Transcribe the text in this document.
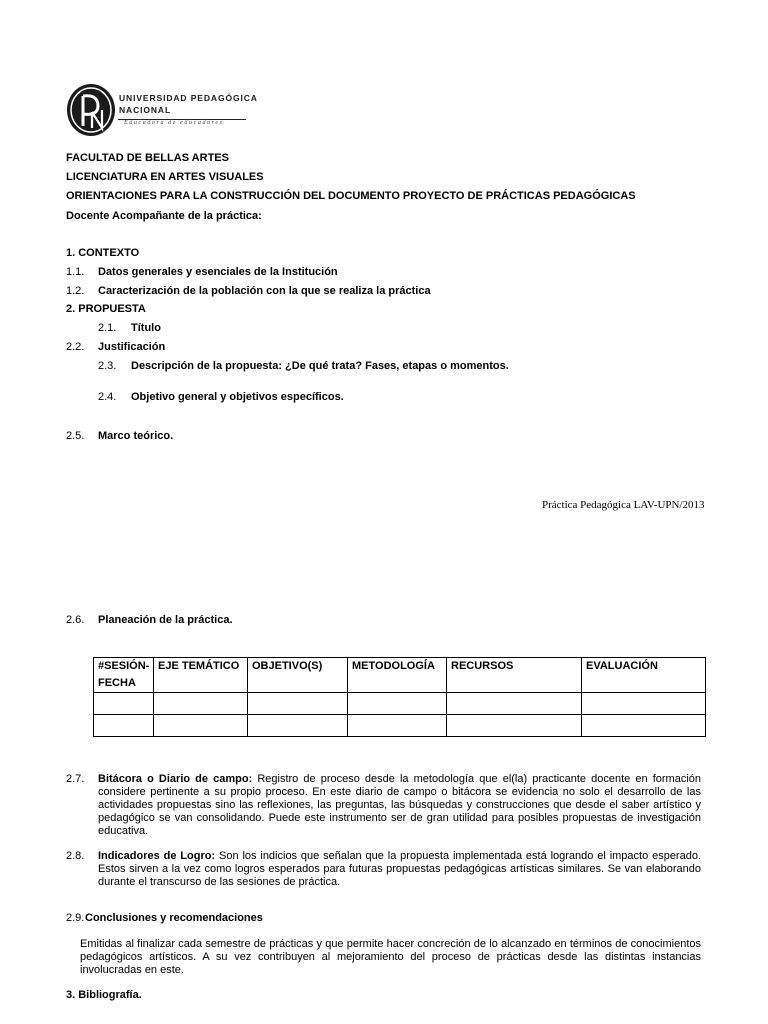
UNIVERSIDAD PEDAGÓGICA
NACIONAL
Educadora de educadores
FACULTAD DE BELLAS ARTES
LICENCIATURA EN ARTES VISUALES
ORIENTACIONES PARA LA CONSTRUCCIÓN DEL DOCUMENTO PROYECTO DE PRÁCTICAS PEDAGÓGICAS
Docente Acompañante de la práctica:
1. CONTEXTO
1.1. Datos generales y esenciales de la Institución
1.2. Caracterización de la población con la que se realiza la práctica
2. PROPUESTA
2.1. Título
2.2. Justificación
2.3. Descripción de la propuesta: ¿De qué trata? Fases, etapas o momentos.
2.4. Objetivo general y objetivos específicos.
2.5. Marco teórico.
Práctica Pedagógica LAV-UPN/2013
2.6. Planeación de la práctica.
#SESIÓN-FECHA	EJE TEMÁTICO	OBJETIVO(S)	METODOLOGÍA	RECURSOS	EVALUACIÓN

2.7. Bitácora o Diario de campo: Registro de proceso desde la metodología que el(la) practicante docente en formación considere pertinente a su propio proceso. En este diario de campo o bitácora se evidencia no solo el desarrollo de las actividades propuestas sino las reflexiones, las preguntas, las búsquedas y construcciones que desde el saber artístico y pedagógico se van consolidando. Puede este instrumento ser de gran utilidad para posibles propuestas de investigación educativa.
2.8. Indicadores de Logro: Son los indicios que señalan que la propuesta implementada está logrando el impacto esperado. Estos sirven a la vez como logros esperados para futuras propuestas pedagógicas artísticas similares. Se van elaborando durante el transcurso de las sesiones de práctica.
2.9. Conclusiones y recomendaciones
Emitidas al finalizar cada semestre de prácticas y que permite hacer concreción de lo alcanzado en términos de conocimientos pedagógicos artísticos. A su vez contribuyen al mejoramiento del proceso de prácticas desde las distintas instancias involucradas en este.
3. Bibliografía.
